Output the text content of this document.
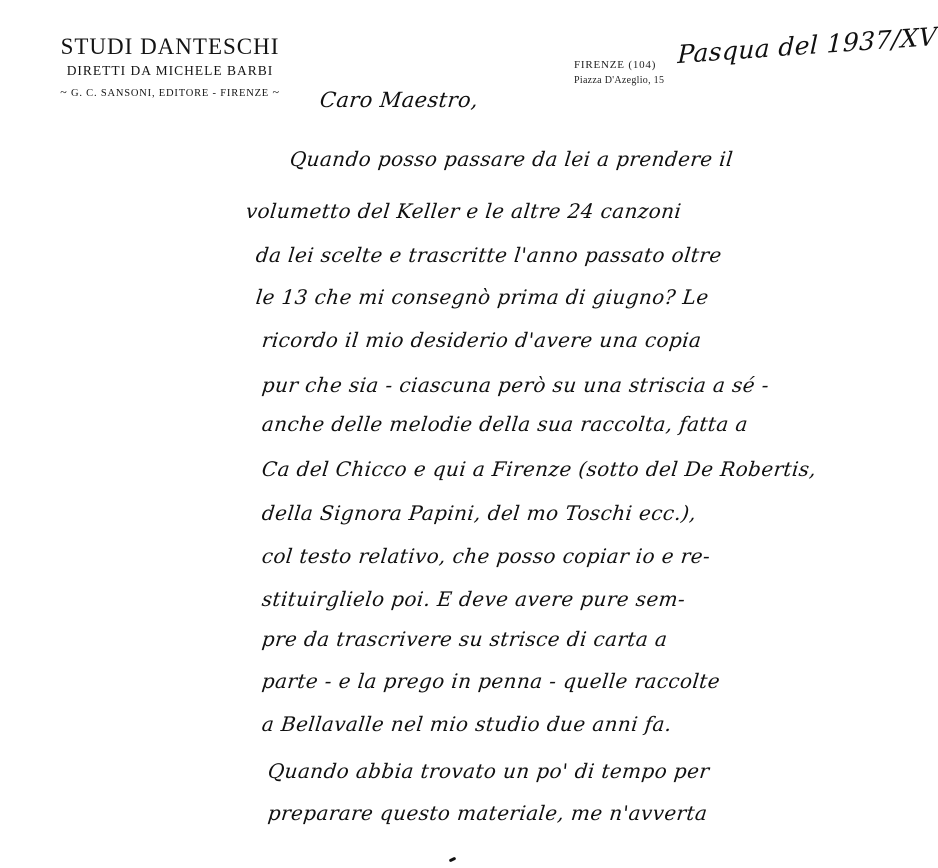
STUDI DANTESCHI
DIRETTI DA MICHELE BARBI
~ G. C. SANSONI, EDITORE - FIRENZE ~
FIRENZE (104)
Piazza D'Azeglio, 15
Pasqua del 1937/XV
Caro Maestro,
Quando posso passare da lei a prendere il
volumetto del Keller e le altre 24 canzoni
da lei scelte e trascritte l'anno passato oltre
le 13 che mi consegnò prima di giugno? Le
ricordo il mio desiderio d'avere una copia
pur che sia - ciascuna però su una striscia a sé -
anche delle melodie della sua raccolta, fatta a
Ca del Chicco e qui a Firenze (sotto del De Robertis,
della Signora Papini, del mo Toschi ecc.),
col testo relativo, che posso copiar io e re-
stituirglielo poi. E deve avere pure sem-
pre da trascrivere su strisce di carta a
parte - e la prego in penna - quelle raccolte
a Bellavalle nel mio studio due anni fa.
Quando abbia trovato un po' di tempo per
preparare questo materiale, me n'avverta
